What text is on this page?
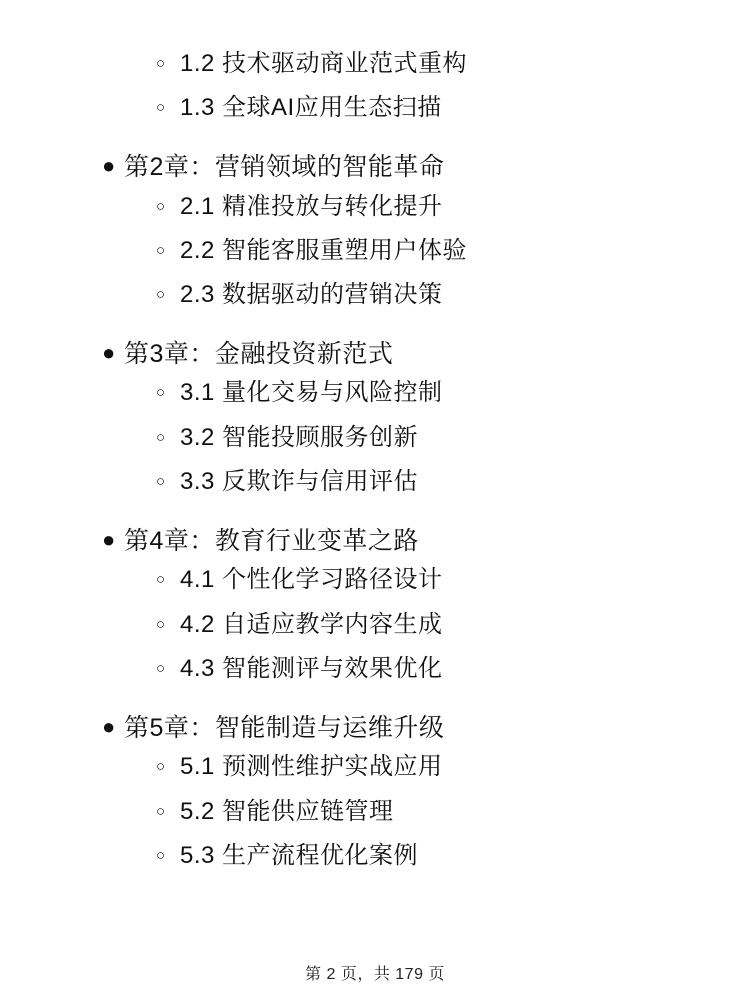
○ 1.2 技术驱动商业范式重构
○ 1.3 全球AI应用生态扫描
● 第2章：营销领域的智能革命
○ 2.1 精准投放与转化提升
○ 2.2 智能客服重塑用户体验
○ 2.3 数据驱动的营销决策
● 第3章：金融投资新范式
○ 3.1 量化交易与风险控制
○ 3.2 智能投顾服务创新
○ 3.3 反欺诈与信用评估
● 第4章：教育行业变革之路
○ 4.1 个性化学习路径设计
○ 4.2 自适应教学内容生成
○ 4.3 智能测评与效果优化
● 第5章：智能制造与运维升级
○ 5.1 预测性维护实战应用
○ 5.2 智能供应链管理
○ 5.3 生产流程优化案例
第 2 页，共 179 页
